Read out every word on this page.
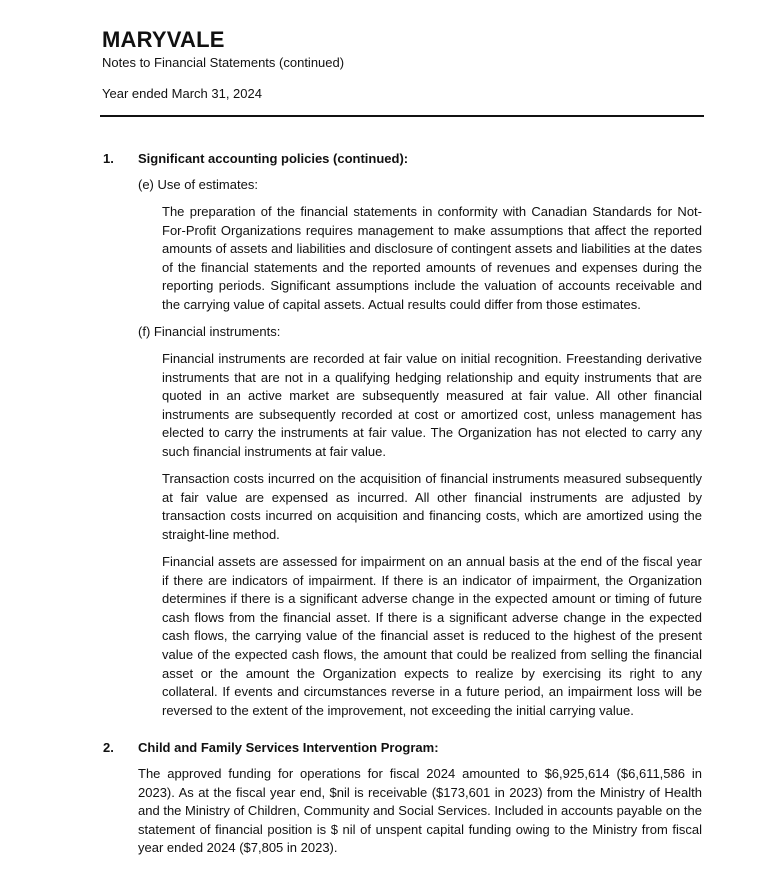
MARYVALE
Notes to Financial Statements (continued)
Year ended March 31, 2024
1. Significant accounting policies (continued):
(e) Use of estimates:

The preparation of the financial statements in conformity with Canadian Standards for Not-For-Profit Organizations requires management to make assumptions that affect the reported amounts of assets and liabilities and disclosure of contingent assets and liabilities at the dates of the financial statements and the reported amounts of revenues and expenses during the reporting periods. Significant assumptions include the valuation of accounts receivable and the carrying value of capital assets. Actual results could differ from those estimates.

(f) Financial instruments:

Financial instruments are recorded at fair value on initial recognition. Freestanding derivative instruments that are not in a qualifying hedging relationship and equity instruments that are quoted in an active market are subsequently measured at fair value. All other financial instruments are subsequently recorded at cost or amortized cost, unless management has elected to carry the instruments at fair value. The Organization has not elected to carry any such financial instruments at fair value.

Transaction costs incurred on the acquisition of financial instruments measured subsequently at fair value are expensed as incurred. All other financial instruments are adjusted by transaction costs incurred on acquisition and financing costs, which are amortized using the straight-line method.

Financial assets are assessed for impairment on an annual basis at the end of the fiscal year if there are indicators of impairment. If there is an indicator of impairment, the Organization determines if there is a significant adverse change in the expected amount or timing of future cash flows from the financial asset. If there is a significant adverse change in the expected cash flows, the carrying value of the financial asset is reduced to the highest of the present value of the expected cash flows, the amount that could be realized from selling the financial asset or the amount the Organization expects to realize by exercising its right to any collateral. If events and circumstances reverse in a future period, an impairment loss will be reversed to the extent of the improvement, not exceeding the initial carrying value.

2. Child and Family Services Intervention Program:

The approved funding for operations for fiscal 2024 amounted to $6,925,614 ($6,611,586 in 2023). As at the fiscal year end, $nil is receivable ($173,601 in 2023) from the Ministry of Health and the Ministry of Children, Community and Social Services. Included in accounts payable on the statement of financial position is $ nil of unspent capital funding owing to the Ministry from fiscal year ended 2024 ($7,805 in 2023).
